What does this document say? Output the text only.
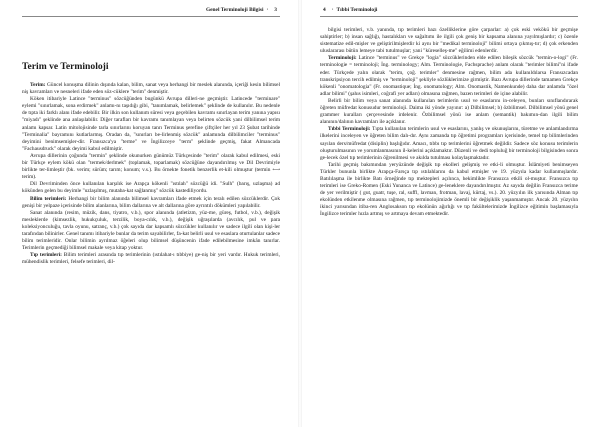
Genel Terminoloji Bilgisi · 3
Terim ve Terminoloji

Terim: Güncel konuşma dilinin dışında kalan, bilim, sanat veya herhangi bir meslek alanında, içeriği kesin bilimsel niş kavramları ve nesneleri ifade eden söz-cüklere "terim" denmiştir.

Köken itibariyle Latince "terminus" sözcüğünden bugünkü Avrupa dilleri-ne geçmiştir. Latincede "terminare" eylemi "sınırlamak, sona erdirmek" anlamı-nı taşıdığı gibi, "tanımlamak, belirlemek" şeklinde de kullanılır. Bu nedenle de tıpta iki farklı alanı ifade edebilir. Bir ilkin son kullanım süresi veya geçebilen kavramı sınırlayan terim yanına yapısı "miyadı" şeklinde ana anlaşılabilir. Diğer tarafları bir kavramı tanımlayan veya belirten sözcük yani dilbilimsel terim anlamı kapsar. Latin mitolojisinde tarla sınırlarını koruyan tanrı Terminus şerefine çiftçiler her yıl 23 Şubat tarihinde "Terminalia" bayramını kutlarlarmış. Oradan da, "sınırları be-lirlenmiş sözcük" anlamında dilbilimciler "terminus" deyimini benimsemişler-dir. Fransızca'ya "terme" ve İngilizceye "term" şeklinde geçmiş, fakat Almancada "Fachausdruck" olarak deyimi kabul edilmiştir.

Avrupa dillerinin çoğunda "termin" şeklinde okunurken günümüz Türkçesinde "terim" olarak kabul edilmesi, eski bir Türkçe eylem kökü olan "termek/derlmek" (toplamak, toparlamak) sözcüğüne dayandırılmış ve Dil Devrimiyle birlikte ter-limleştir (bk. verim; sürüm; tarım; konum; v.s.). Bu örnekte fonetik benzerlik et-kili olmuştur (termin ⟷ terim).

Dil Devriminden önce kullanılan karşılık ise Arapça kökenli "ıstılah" sözcüğü idi. "Sulh" (barış, uzlaşma) ad kökünden gelen bu deyimle "uzlaşılmış, mutaba-kat sağlanmış" sözcük kastediliyordu.

Bilim terimleri: Herhangi bir bilim alanında bilimsel kavramları ifade etmek için teralı edilen sözcüklerdir. Çok genişi bir yelpaze içerisinde bilim alanlarına, bilim dallarına ve alt dallarına göre ayrıntılı dökümleri yapılabilir.

Sanat alanında (resim, müzik, dans, tiyatro, v.b.), spor alanında (atletizm, yüz-me, güreş, futbol, v.b.), değişik mesleklerde (kimsezlik, hukukçuluk, terzilik, boya-cılık, v.b.), değişik uğraşılarda (avcılık, pul ve para koleksiyonculuğu, tavla oyunu, satranç, v.b.) çok sayıda dar kapsamlı sözcükler kullanılır ve sadece ilgili olan kişi-ler tarafından bilinirler. Genel tanımı itibariyle bunlar da terim sayabilirler, fa-kat belirli usul ve esaslara oturtulanlar sadece bilim terimleridir. Onlar bilimin ayrılmaz öğeleri olup bilimsel düşüncenin ifade edilebilmesine imkân tanırlar. Terimlerin geçmediği bilimsel makale veya kitap yoktur.

Tıp terimleri: Bilim terimleri arasında tıp terimlerinin (ıstılahat-ı tıbbiye) ge-niş bir yeri vardır. Hukuk terimleri, mühendislik terimleri, felsefe terimleri, dil-

4 · Tıbbi Terminoloji

bilgisi terimleri, v.b. yanında, tıp terimleri bazı özelliklerine göre çarparlar: a) çok eski vekökü bir geçmişe sahiptirler; b) insan sağlığı, hastalıkları ve sağaltımı ile ilgili çok geniş bir kapsama alanına yayılmışlardır; c) özenle sistematize edil-mişler ve geliştirilmişlerdir ki aynı bir "medikal terminoloji" bilimi ortaya çıkmış-tır; d) çok erkenden uluslararası bütün lemeye tabi tutulmuşlar; yani "küreselleş-me" eğilimi edenlerdir.

Terminoloji: Latince "terminus" ve Grekçe "logia" sözcüklerinden elde edilen bileşik sözcük "termin-o-logi" (Fr. terminologie = terminoloji; İng. terminology; Alm. Terminologie, Fachsprache) anlam olarak "terimler bilimi"ni ifade eder. Türkçede yalın olarak "terim, çoğ. terimler" denmesine rağmen, bilim ada kullanıldılarsa Fransızcadan transkripsiyon tercih edilmiş ve "terminoloji" şekliyle sözlüklerimize girmiştir. Bazı Avrupa dillerinde tamamen Grekçe kökenli "onomatologia" (Fr. onomastique; İng. onomatology; Alm. Onomastik, Namenkunde) daha dar anlamda "özel adlar bilimi" (şahıs isimleri, coğrafi yer adları) olmasına rağmen, bazen terimleri de içine alabilir.

Belirli bir bilim veya sanat alanında kullanılan terimlerin usul ve esaslarını in-celeyen, bunları sınıflandırarak öğreten müfredat konusudur terminoloji. Daima iki yönde yayınır: a) Dilbilimsel; b) özbilimsel. Dilbilimsel yönü genel grammer kuralları çerçevesinde irdelenir. Özbilimsel yönü ise anlam (semantik) bakımın-dan ilgili bilim alanının/dalının kavramları ile açıklanır.

Tıbbi Terminoloji: Tıpta kullanılan terimlerin usul ve esaslarını, yanlış ve okunuşlarını, türetme ve anlamlandırma ilkelerini inceleyen ve öğreten bilim dalı-dır. Aynı zamanda tıp öğretimi programları içerisinde, temel tıp bilimlerinden sayılan ders/müfredat (disiplin) başlığıdır. Amacı, tıbbı tıp terimlerini öğretmek değildir. Sadece söz konusu terimlerin oluşturulmasının ve yorumlanmasının il-kelerini açıklamaktır. Düzenli ve dedi topluluğ bir terminoloji bilgisinden sonra ge-lecek özel tıp terimlerinin öğrenilmesi ve akılda tutulması kolaylaşmaktadır.

Tarihi geçmiş bakımından yeryüzünde değişik tıp ekolleri gelişmiş ve etki-li olmuştur. İslâmiyeti benimseyen Türkler bununla birlikte Arapça-Farsça tıp ıstılahlarını da kabul etmişler ve 19. yüzyıla kadar kullanmışlardır. Batılılaşma ile birlikte Batı örneğinde tıp mektepleri açılınca, hekimlikte Fransızca etkili ol-muştur. Fransızca tıp terimleri ise Greko-Romen (Eski Yunanca ve Latince) ge-leneklere dayandırılmıştır. Az sayıda değilin Fransızca terime de yer verilmiştir ( gut, guatr, tuşe, ral, suffl, lavman, frotman, lavaj, kürtaj, vs.). 20. yüzyılın ilk yarısında Alman tıp ekolünden etkilenme olmasına rağmen, tıp terminolojimizde önemli bir değişiklik yaşanmamıştır. Ancak 20. yüzyılın ikinci yarısından itiba-ren Anglosakson tıp ekolünün ağırlığı ve tıp fakültelerimizde İngilizce eğitimin başlamasıyla İngilizce terimler hızla artmış ve artmaya devam etmektedir.
